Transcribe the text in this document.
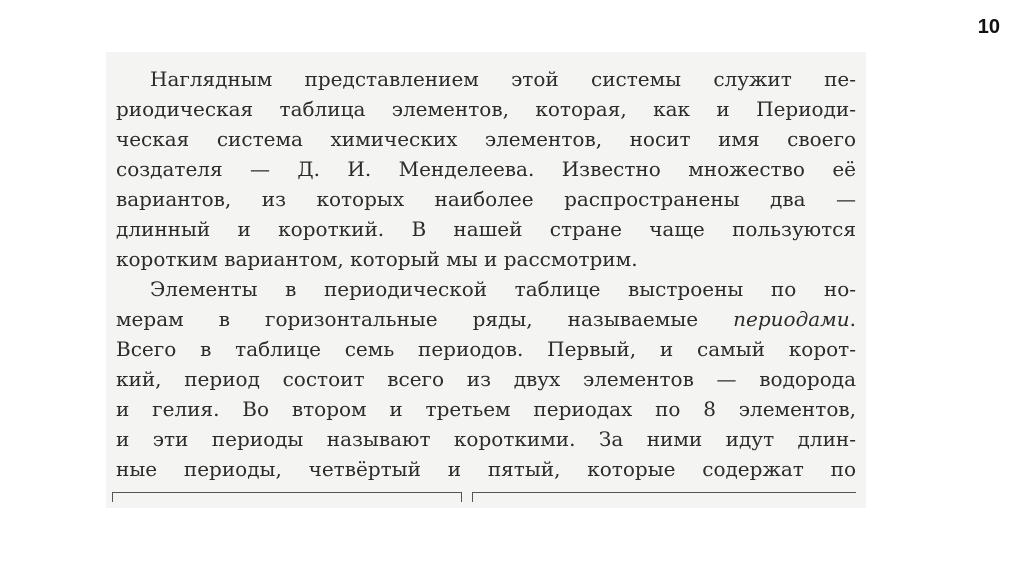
10
Наглядным представлением этой системы служит пе-
риодическая таблица элементов, которая, как и Периоди-
ческая система химических элементов, носит имя своего
создателя — Д. И. Менделеева. Известно множество её
вариантов, из которых наиболее распространены два —
длинный и короткий. В нашей стране чаще пользуются
коротким вариантом, который мы и рассмотрим.
Элементы в периодической таблице выстроены по но-
мерам в горизонтальные ряды, называемые периодами.
Всего в таблице семь периодов. Первый, и самый корот-
кий, период состоит всего из двух элементов — водорода
и гелия. Во втором и третьем периодах по 8 элементов,
и эти периоды называют короткими. За ними идут длин-
ные периоды, четвёртый и пятый, которые содержат по
